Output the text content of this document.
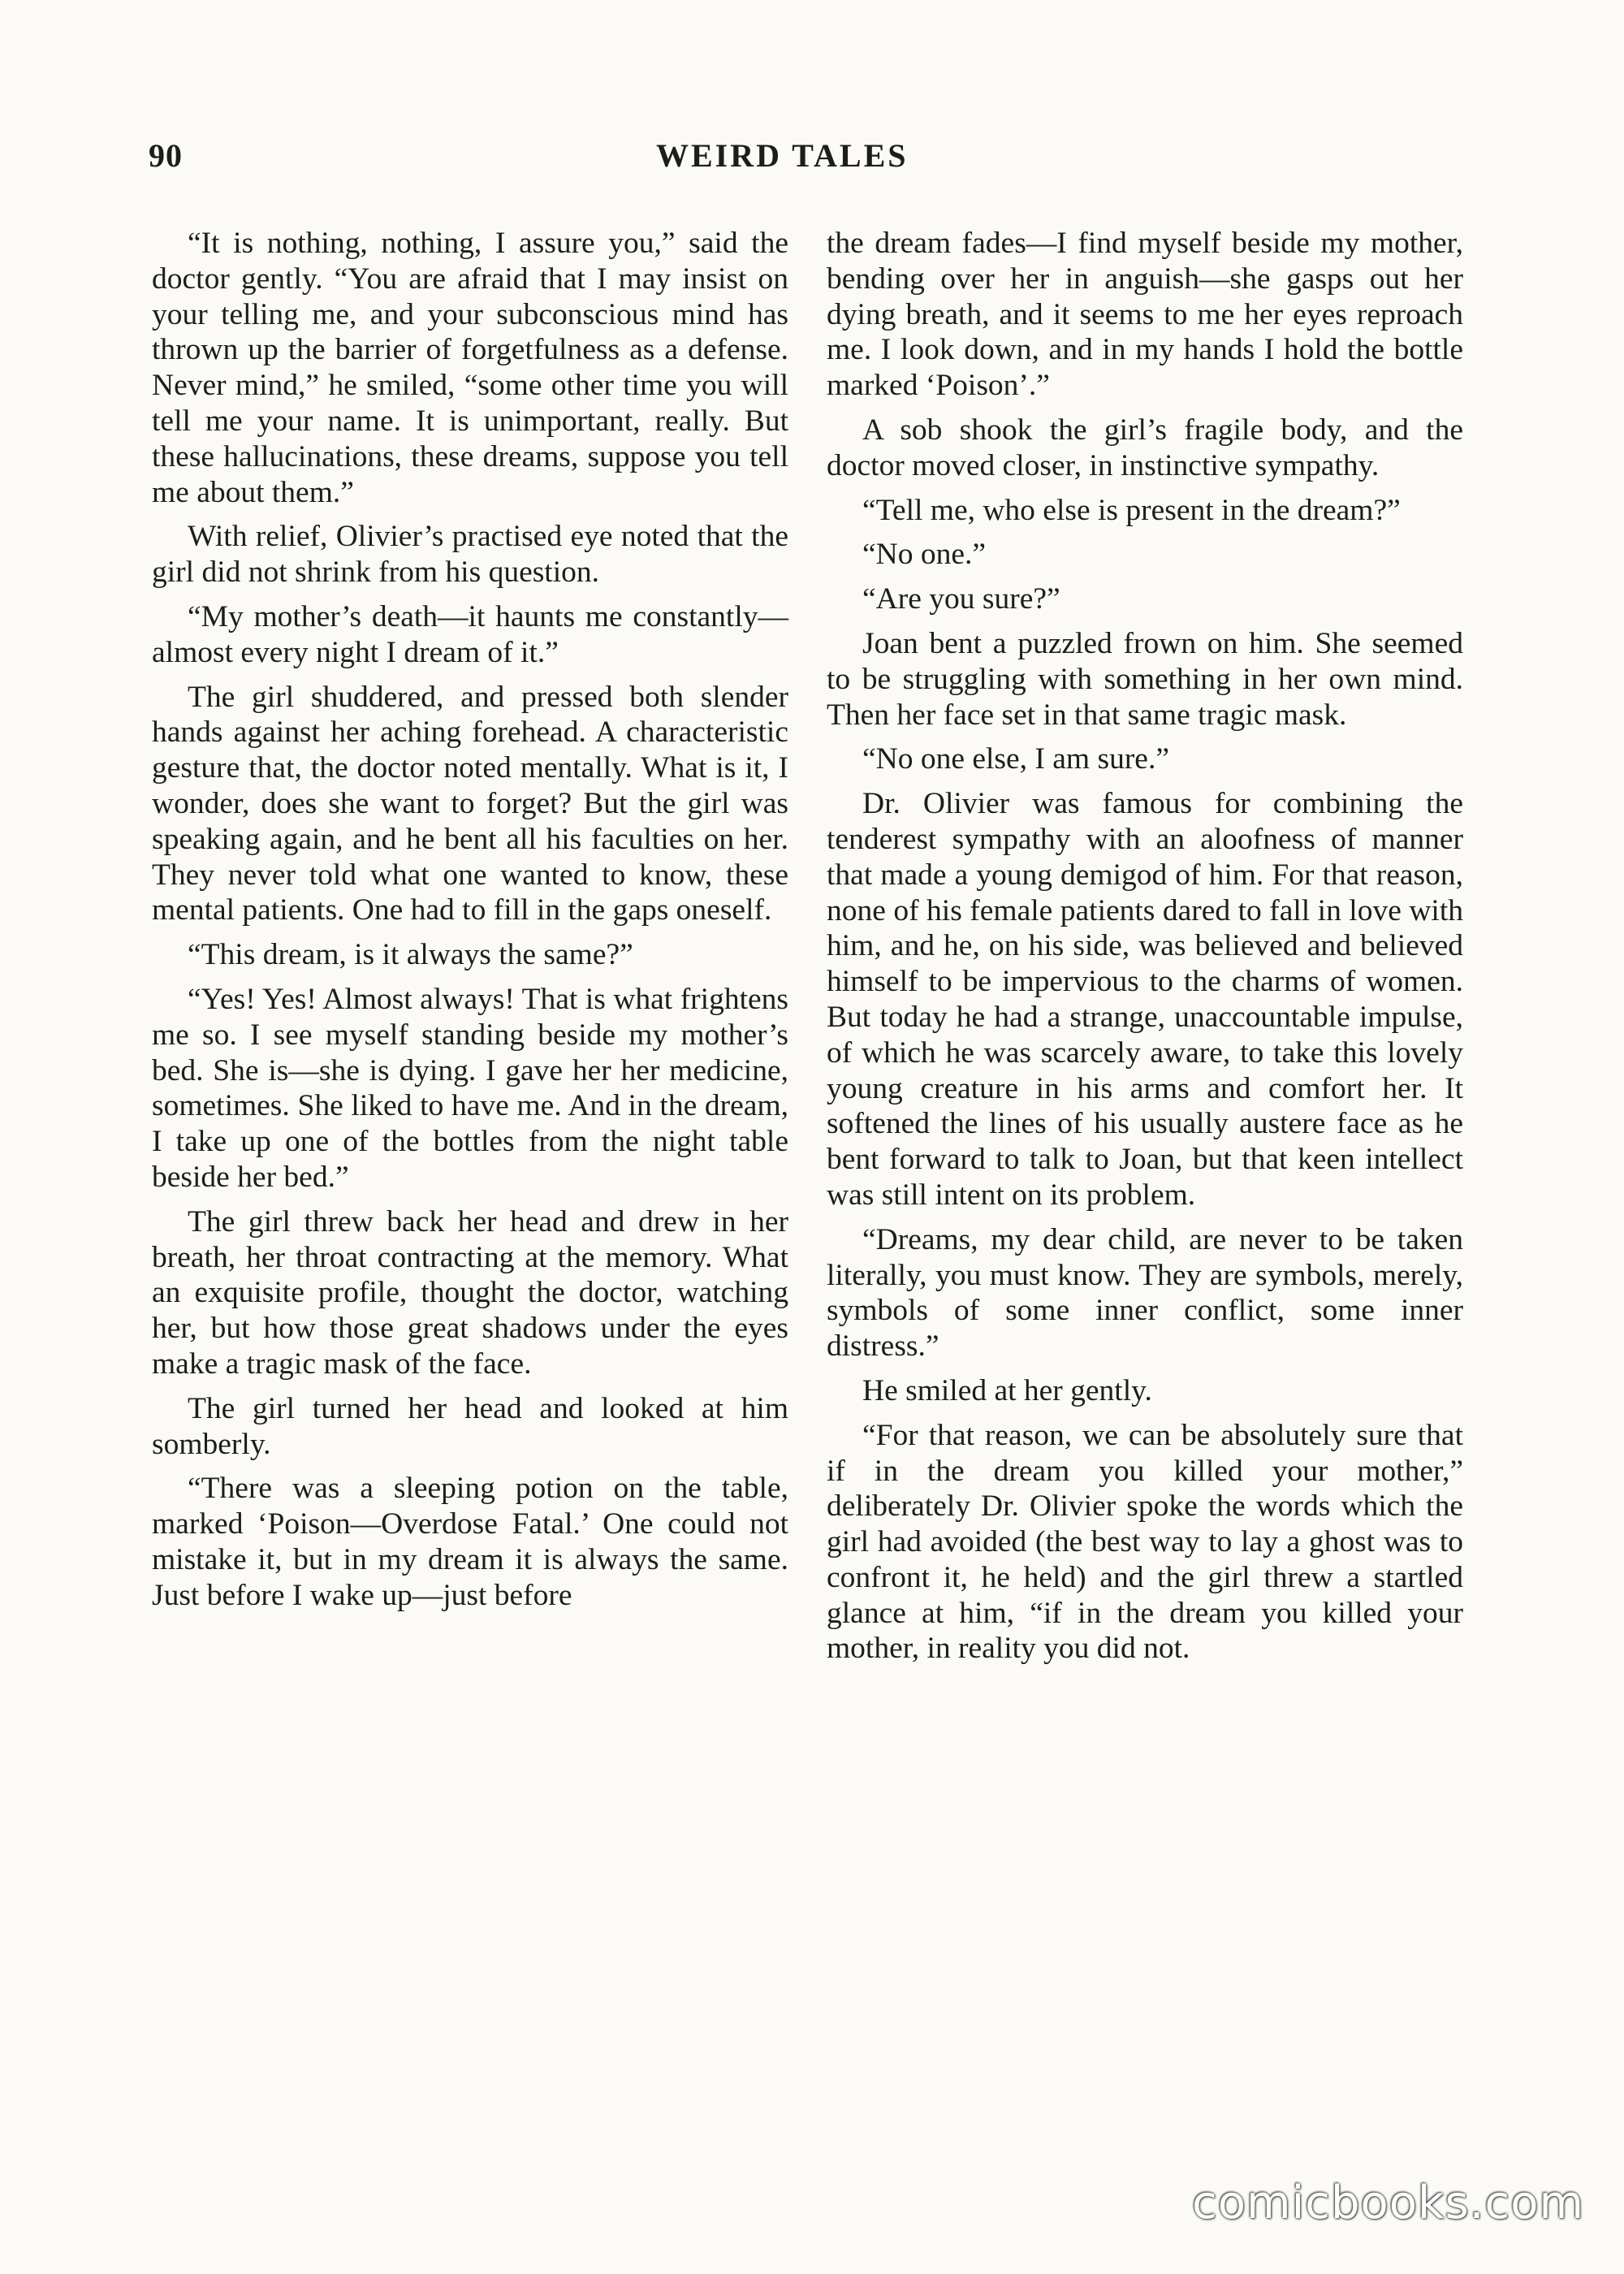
90	WEIRD TALES

“It is nothing, nothing, I assure you,” said the doctor gently. “You are afraid that I may insist on your telling me, and your subconscious mind has thrown up the barrier of forgetfulness as a defense. Never mind,” he smiled, “some other time you will tell me your name. It is unimportant, really. But these hallucinations, these dreams, suppose you tell me about them.”

With relief, Olivier’s practised eye noted that the girl did not shrink from his question.

“My mother’s death—it haunts me constantly—almost every night I dream of it.”

The girl shuddered, and pressed both slender hands against her aching forehead. A characteristic gesture that, the doctor noted mentally. What is it, I wonder, does she want to forget? But the girl was speaking again, and he bent all his faculties on her. They never told what one wanted to know, these mental patients. One had to fill in the gaps oneself.

“This dream, is it always the same?”

“Yes! Yes! Almost always! That is what frightens me so. I see myself standing beside my mother’s bed. She is—she is dying. I gave her her medicine, sometimes. She liked to have me. And in the dream, I take up one of the bottles from the night table beside her bed.”

The girl threw back her head and drew in her breath, her throat contracting at the memory. What an exquisite profile, thought the doctor, watching her, but how those great shadows under the eyes make a tragic mask of the face.

The girl turned her head and looked at him somberly.

“There was a sleeping potion on the table, marked ‘Poison—Overdose Fatal.’ One could not mistake it, but in my dream it is always the same. Just before I wake up—just before

the dream fades—I find myself beside my mother, bending over her in anguish—she gasps out her dying breath, and it seems to me her eyes reproach me. I look down, and in my hands I hold the bottle marked ‘Poison’.”

A sob shook the girl’s fragile body, and the doctor moved closer, in instinctive sympathy.

“Tell me, who else is present in the dream?”

“No one.”

“Are you sure?”

Joan bent a puzzled frown on him. She seemed to be struggling with something in her own mind. Then her face set in that same tragic mask.

“No one else, I am sure.”

Dr. Olivier was famous for combining the tenderest sympathy with an aloofness of manner that made a young demigod of him. For that reason, none of his female patients dared to fall in love with him, and he, on his side, was believed and believed himself to be impervious to the charms of women. But today he had a strange, unaccountable impulse, of which he was scarcely aware, to take this lovely young creature in his arms and comfort her. It softened the lines of his usually austere face as he bent forward to talk to Joan, but that keen intellect was still intent on its problem.

“Dreams, my dear child, are never to be taken literally, you must know. They are symbols, merely, symbols of some inner conflict, some inner distress.”

He smiled at her gently.

“For that reason, we can be absolutely sure that if in the dream you killed your mother,” deliberately Dr. Olivier spoke the words which the girl had avoided (the best way to lay a ghost was to confront it, he held) and the girl threw a startled glance at him, “if in the dream you killed your mother, in reality you did not.

comicbooks.com
